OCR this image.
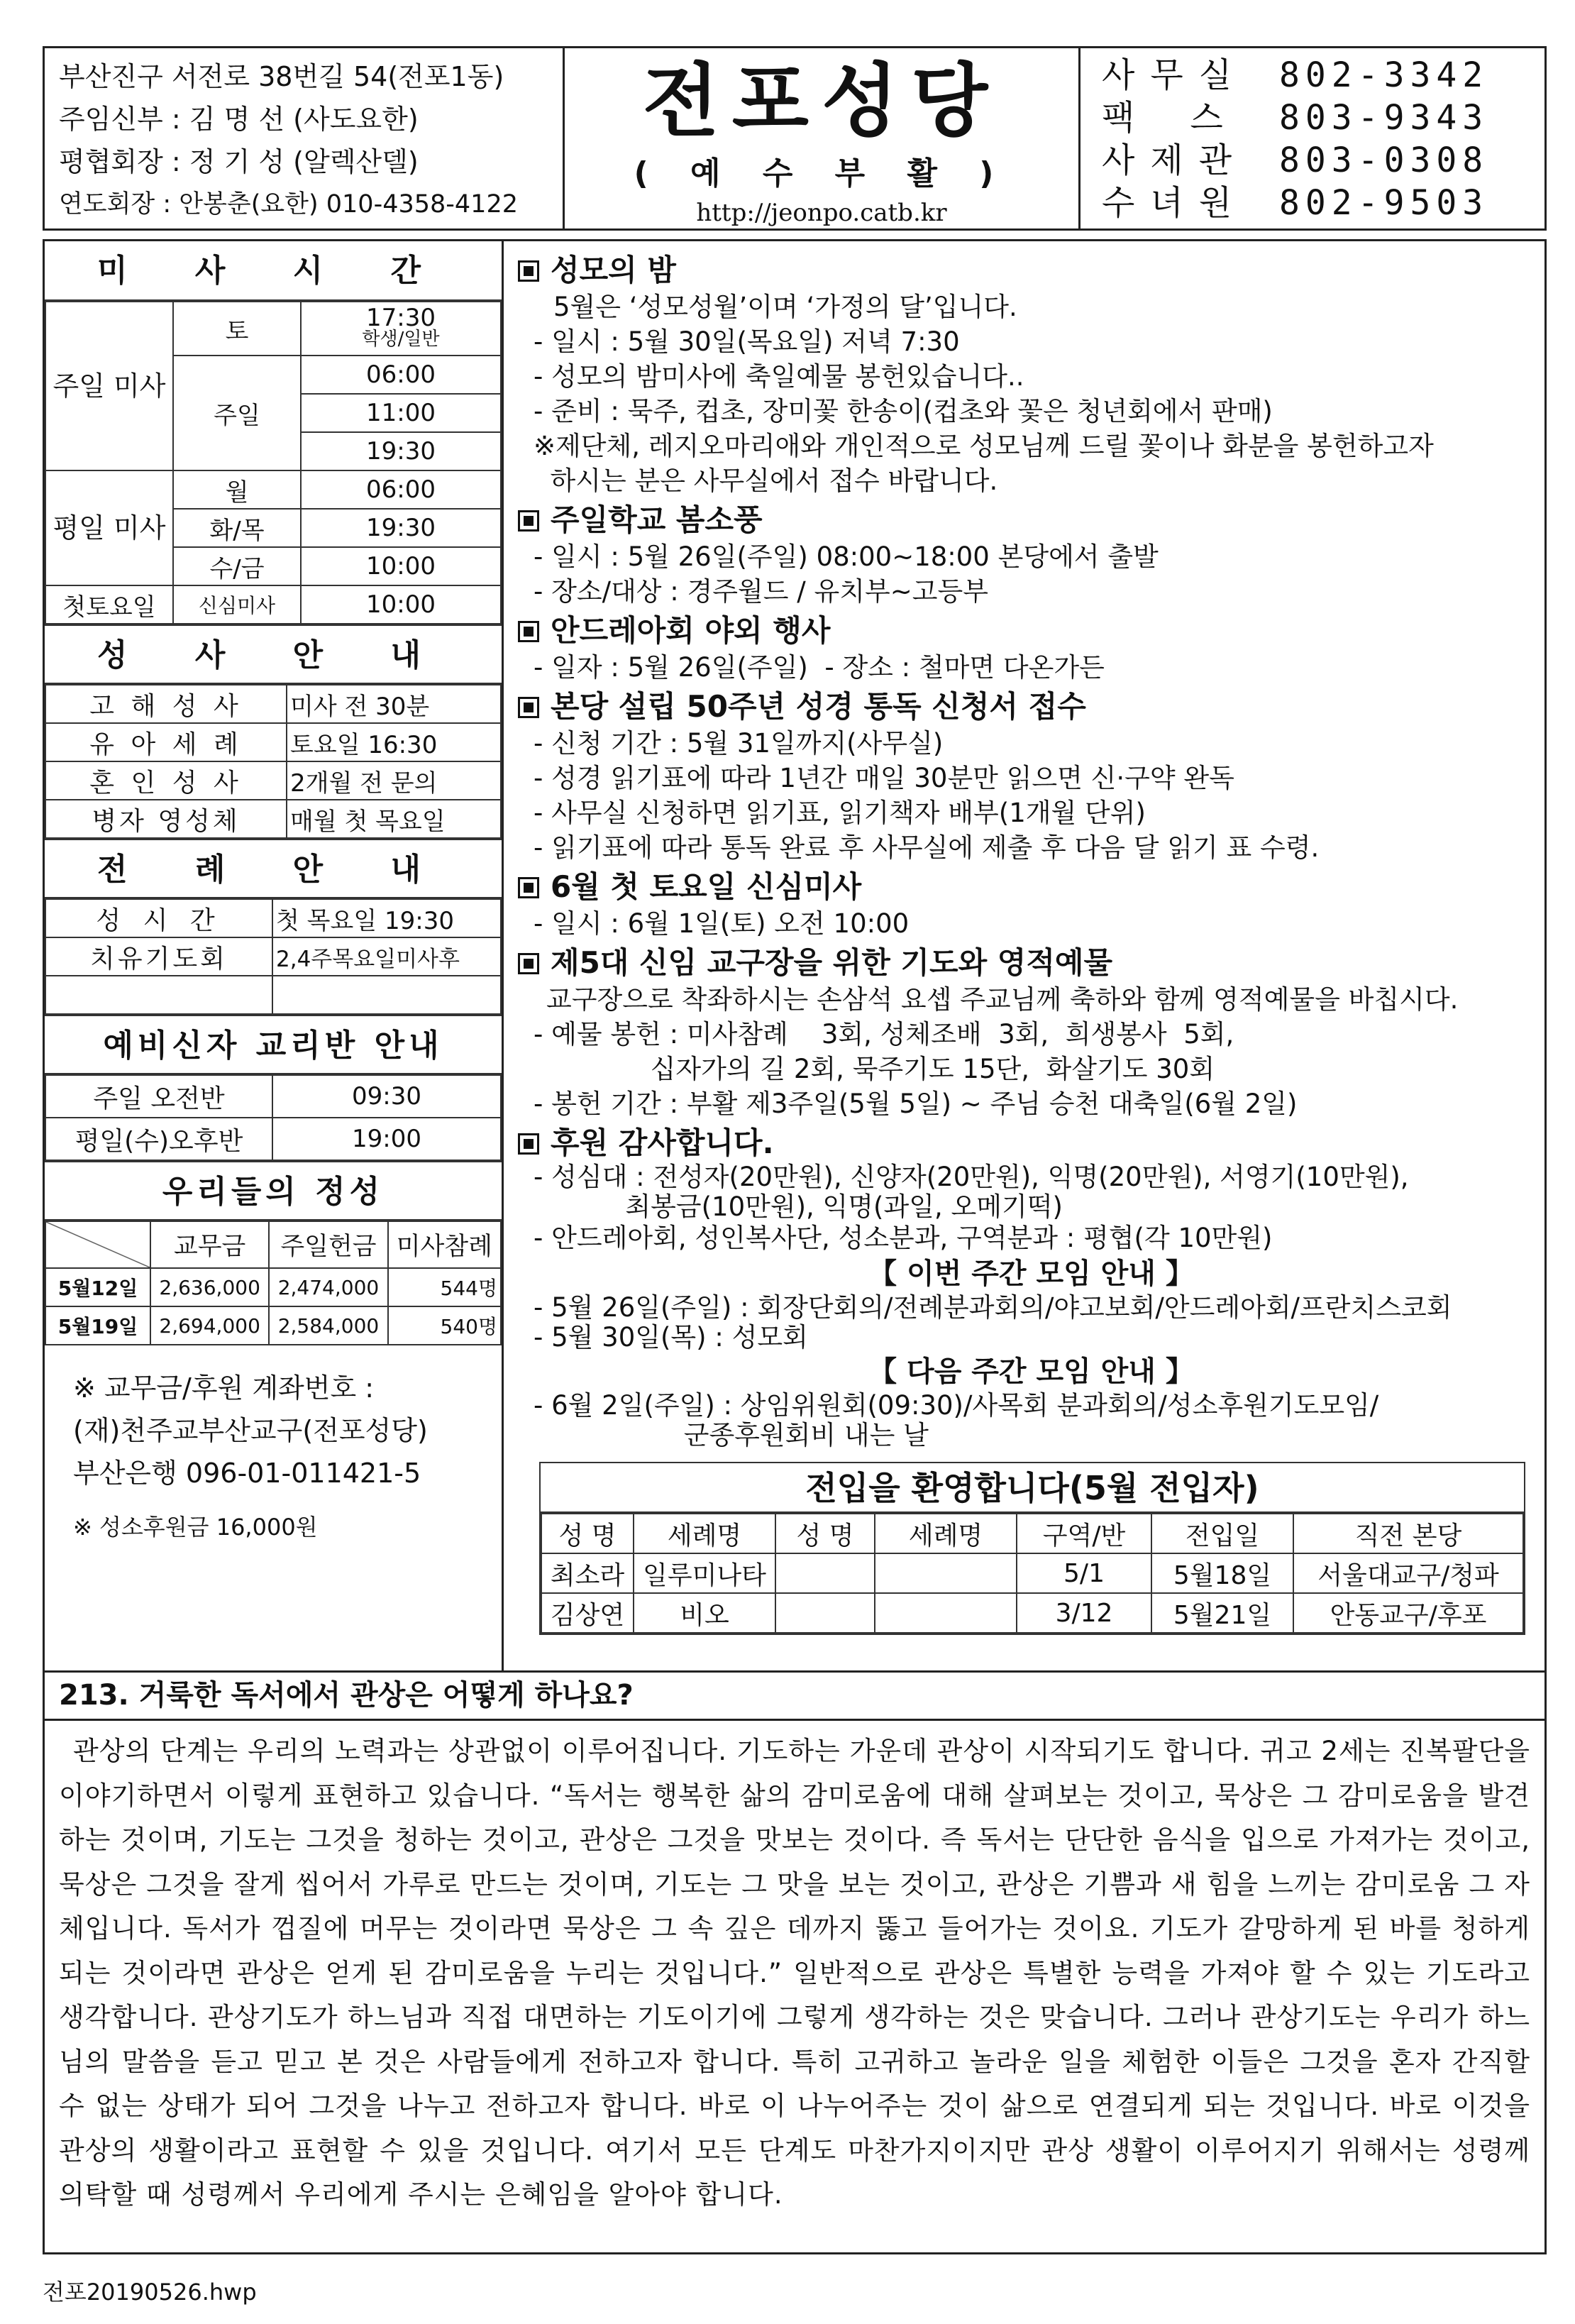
부산진구 서전로 38번길 54(전포1동)
주임신부 : 김 명 선 (사도요한)
평협회장 : 정 기 성 (알렉산델)
연도회장 : 안봉춘(요한) 010-4358-4122
전포성당
( 예 수 부 활 )
http://jeonpo.catb.kr
사무실 802-3342
팩스 803-9343
사제관 803-0308
수녀원 802-9503
미 사 시 간
주일 미사	토	17:30
학생/일반

	주일	06:00
		11:00
		19:30
평일 미사	월	06:00
	화/목	19:30
	수/금	10:00
첫토요일	신심미사	10:00
성 사 안 내
고 해 성 사	미사 전 30분
유 아 세 례	토요일 16:30
혼 인 성 사	2개월 전 문의
병자 영성체	매월 첫 목요일
전 례 안 내
성 시 간	첫 목요일 19:30
치유기도회	2,4주목요일미사후

예비신자 교리반 안내
주일 오전반	09:30
평일(수)오후반	19:00
우리들의 정성
	교무금	주일헌금	미사참례
5월12일	2,636,000	2,474,000	544명
5월19일	2,694,000	2,584,000	540명
※ 교무금/후원 계좌번호 :
(재)천주교부산교구(전포성당)
부산은행 096-01-011421-5
※ 성소후원금 16,000원
성모의 밤
5월은 ‘성모성월’이며 ‘가정의 달’입니다.
- 일시 : 5월 30일(목요일) 저녁 7:30
- 성모의 밤미사에 축일예물 봉헌있습니다..
- 준비 : 묵주, 컵초, 장미꽃 한송이(컵초와 꽃은 청년회에서 판매)
※제단체, 레지오마리애와 개인적으로 성모님께 드릴 꽃이나 화분을 봉헌하고자
하시는 분은 사무실에서 접수 바랍니다.
주일학교 봄소풍
- 일시 : 5월 26일(주일) 08:00~18:00 본당에서 출발
- 장소/대상 : 경주월드 / 유치부~고등부
안드레아회 야외 행사
- 일자 : 5월 26일(주일)  - 장소 : 철마면 다온가든
본당 설립 50주년 성경 통독 신청서 접수
- 신청 기간 : 5월 31일까지(사무실)
- 성경 읽기표에 따라 1년간 매일 30분만 읽으면 신·구약 완독
- 사무실 신청하면 읽기표, 읽기책자 배부(1개월 단위)
- 읽기표에 따라 통독 완료 후 사무실에 제출 후 다음 달 읽기 표 수령.
6월 첫 토요일 신심미사
- 일시 : 6월 1일(토) 오전 10:00
제5대 신임 교구장을 위한 기도와 영적예물
교구장으로 착좌하시는 손삼석 요셉 주교님께 축하와 함께 영적예물을 바칩시다.
- 예물 봉헌 : 미사참례    3회, 성체조배  3회,  희생봉사  5회,
십자가의 길 2회, 묵주기도 15단,  화살기도 30회
- 봉헌 기간 : 부활 제3주일(5월 5일) ~ 주님 승천 대축일(6월 2일)
후원 감사합니다.
- 성심대 : 전성자(20만원), 신양자(20만원), 익명(20만원), 서영기(10만원),
최봉금(10만원), 익명(과일, 오메기떡)
- 안드레아회, 성인복사단, 성소분과, 구역분과 : 평협(각 10만원)
【 이번 주간 모임 안내 】
- 5월 26일(주일) : 회장단회의/전례분과회의/야고보회/안드레아회/프란치스코회
- 5월 30일(목) : 성모회
【 다음 주간 모임 안내 】
- 6월 2일(주일) : 상임위원회(09:30)/사목회 분과회의/성소후원기도모임/
군종후원회비 내는 날
전입을 환영합니다(5월 전입자)
성 명	세례명	성 명	세례명	구역/반	전입일	직전 본당
최소라	일루미나타			5/1	5월18일	서울대교구/청파
김상연	비오			3/12	5월21일	안동교구/후포
213. 거룩한 독서에서 관상은 어떻게 하나요?
관상의 단계는 우리의 노력과는 상관없이 이루어집니다. 기도하는 가운데 관상이 시작되기도 합니다. 귀고 2세는 진복팔단을 이야기하면서 이렇게 표현하고 있습니다. “독서는 행복한 삶의 감미로움에 대해 살펴보는 것이고, 묵상은 그 감미로움을 발견하는 것이며, 기도는 그것을 청하는 것이고, 관상은 그것을 맛보는 것이다. 즉 독서는 단단한 음식을 입으로 가져가는 것이고, 묵상은 그것을 잘게 씹어서 가루로 만드는 것이며, 기도는 그 맛을 보는 것이고, 관상은 기쁨과 새 힘을 느끼는 감미로움 그 자체입니다. 독서가 껍질에 머무는 것이라면 묵상은 그 속 깊은 데까지 뚫고 들어가는 것이요. 기도가 갈망하게 된 바를 청하게 되는 것이라면 관상은 얻게 된 감미로움을 누리는 것입니다.” 일반적으로 관상은 특별한 능력을 가져야 할 수 있는 기도라고 생각합니다. 관상기도가 하느님과 직접 대면하는 기도이기에 그렇게 생각하는 것은 맞습니다. 그러나 관상기도는 우리가 하느님의 말씀을 듣고 믿고 본 것은 사람들에게 전하고자 합니다. 특히 고귀하고 놀라운 일을 체험한 이들은 그것을 혼자 간직할 수 없는 상태가 되어 그것을 나누고 전하고자 합니다. 바로 이 나누어주는 것이 삶으로 연결되게 되는 것입니다. 바로 이것을 관상의 생활이라고 표현할 수 있을 것입니다. 여기서 모든 단계도 마찬가지이지만 관상 생활이 이루어지기 위해서는 성령께 의탁할 때 성령께서 우리에게 주시는 은혜임을 알아야 합니다.
전포20190526.hwp
